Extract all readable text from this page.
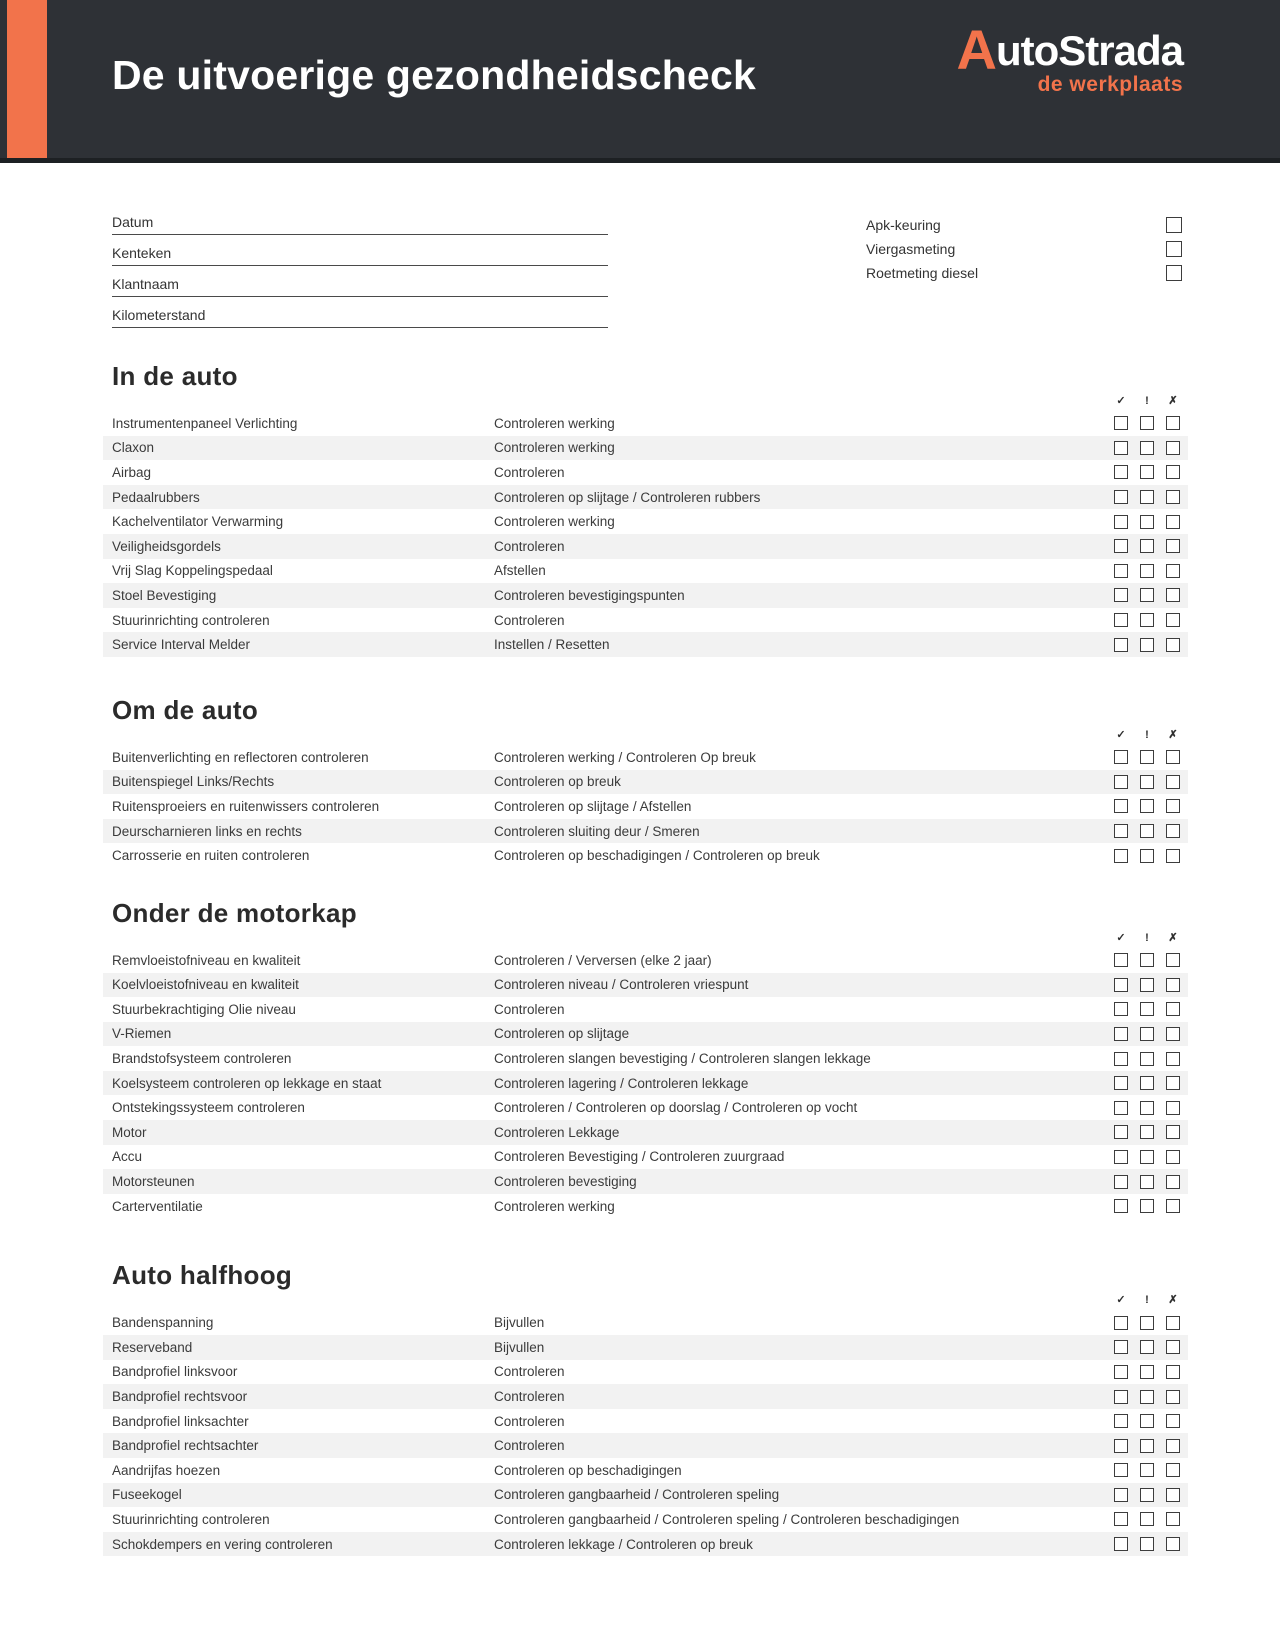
De uitvoerige gezondheidscheck	AutoStrada
de werkplaats
Datum
Kenteken
Klantnaam
Kilometerstand
Apk-keuring
Viergasmeting
Roetmeting diesel
In de auto
✓	!	✗
Instrumentenpaneel Verlichting	Controleren werking
Claxon	Controleren werking
Airbag	Controleren
Pedaalrubbers	Controleren op slijtage / Controleren rubbers
Kachelventilator Verwarming	Controleren werking
Veiligheidsgordels	Controleren
Vrij Slag Koppelingspedaal	Afstellen
Stoel Bevestiging	Controleren bevestigingspunten
Stuurinrichting controleren	Controleren
Service Interval Melder	Instellen / Resetten
Om de auto
✓	!	✗
Buitenverlichting en reflectoren controleren	Controleren werking / Controleren Op breuk
Buitenspiegel Links/Rechts	Controleren op breuk
Ruitensproeiers en ruitenwissers controleren	Controleren op slijtage / Afstellen
Deurscharnieren links en rechts	Controleren sluiting deur / Smeren
Carrosserie en ruiten controleren	Controleren op beschadigingen / Controleren op breuk
Onder de motorkap
✓	!	✗
Remvloeistofniveau en kwaliteit	Controleren / Verversen (elke 2 jaar)
Koelvloeistofniveau en kwaliteit	Controleren niveau / Controleren vriespunt
Stuurbekrachtiging Olie niveau	Controleren
V-Riemen	Controleren op slijtage
Brandstofsysteem controleren	Controleren slangen bevestiging / Controleren slangen lekkage
Koelsysteem controleren op lekkage en staat	Controleren lagering / Controleren lekkage
Ontstekingssysteem controleren	Controleren / Controleren op doorslag / Controleren op vocht
Motor	Controleren Lekkage
Accu	Controleren Bevestiging / Controleren zuurgraad
Motorsteunen	Controleren bevestiging
Carterventilatie	Controleren werking
Auto halfhoog
✓	!	✗
Bandenspanning	Bijvullen
Reserveband	Bijvullen
Bandprofiel linksvoor	Controleren
Bandprofiel rechtsvoor	Controleren
Bandprofiel linksachter	Controleren
Bandprofiel rechtsachter	Controleren
Aandrijfas hoezen	Controleren op beschadigingen
Fuseekogel	Controleren gangbaarheid / Controleren speling
Stuurinrichting controleren	Controleren gangbaarheid / Controleren speling / Controleren beschadigingen
Schokdempers en vering controleren	Controleren lekkage / Controleren op breuk
